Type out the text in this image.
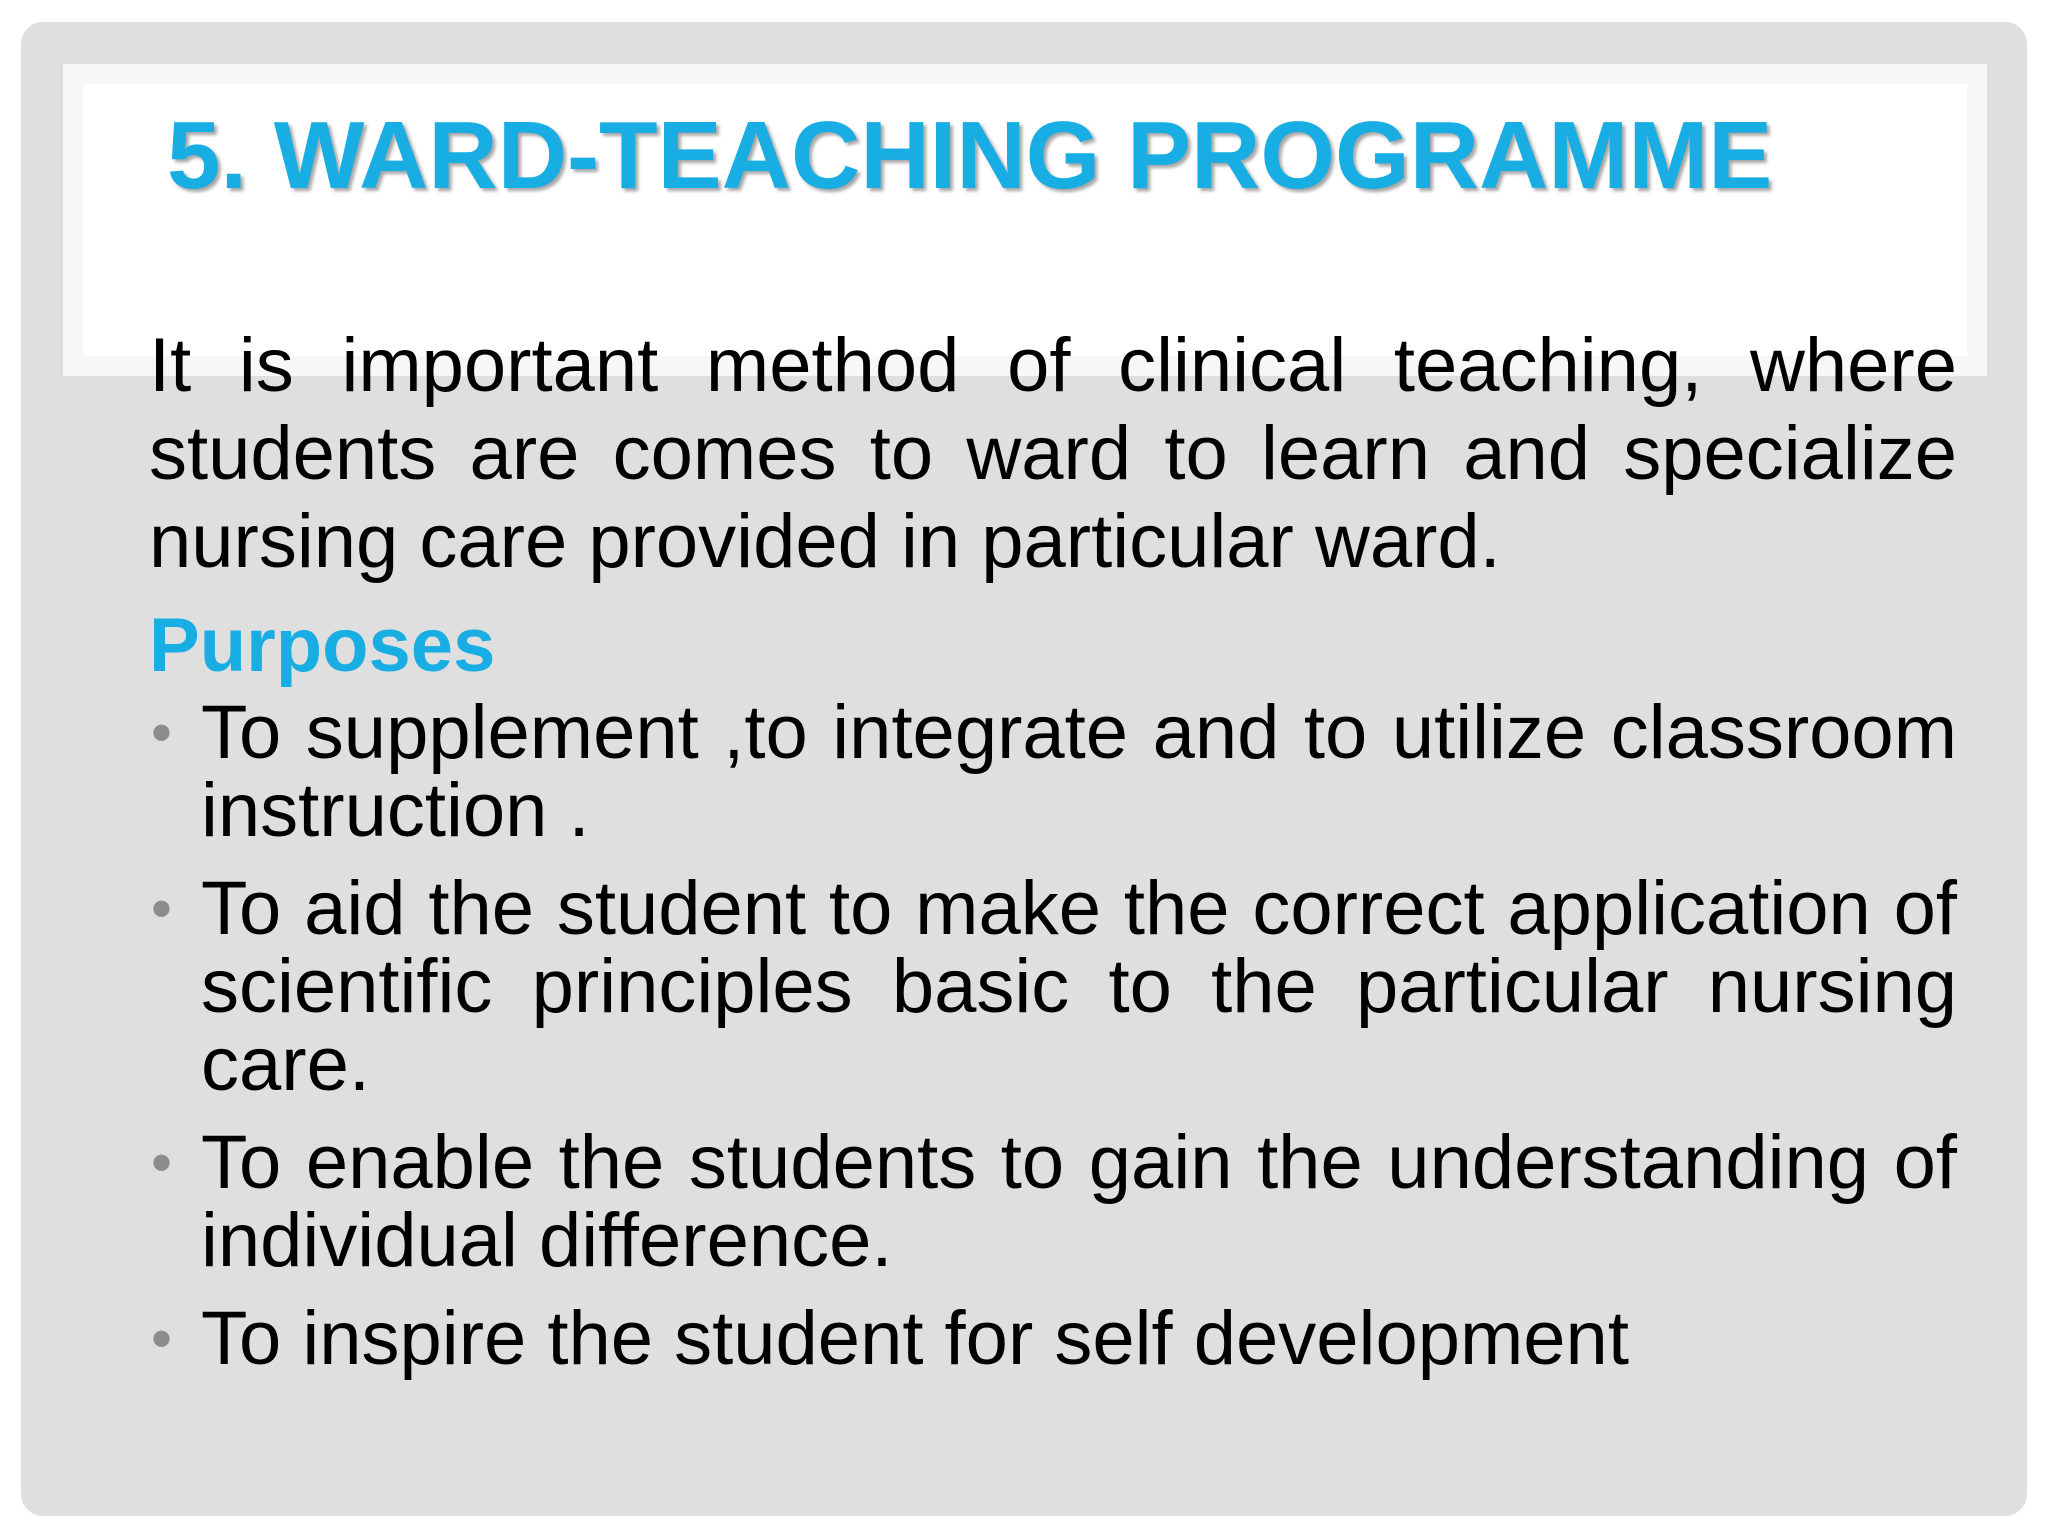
5. WARD-TEACHING PROGRAMME

It is important method of clinical teaching, where students are comes to ward to learn and specialize nursing care provided in particular ward.

Purposes
• To supplement ,to integrate and to utilize classroom instruction .
• To aid the student to make the correct application of scientific principles basic to the particular nursing care.
• To enable the students to gain the understanding of individual difference.
• To inspire the student for self development
